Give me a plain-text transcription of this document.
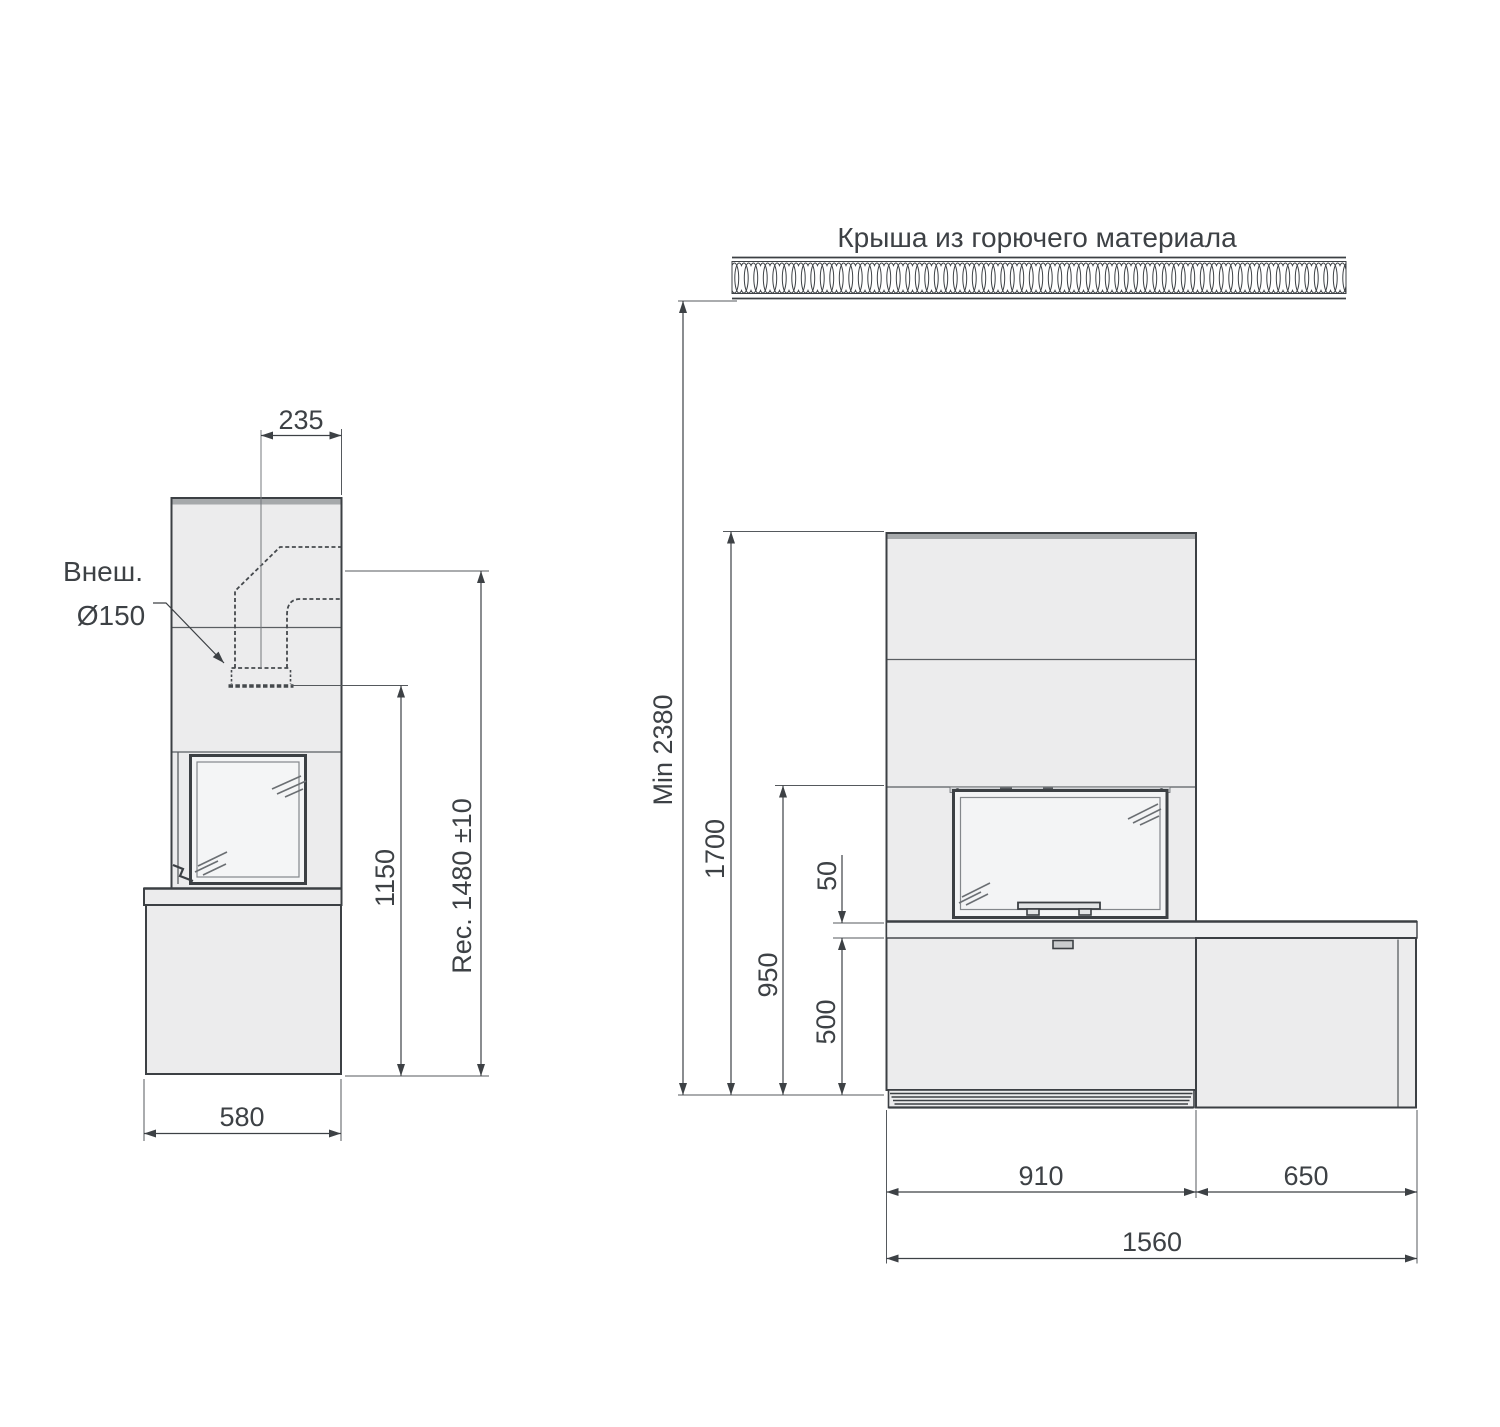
235
Внеш.
Ø150
1150 Rec. 1480 ±10
580
Крыша из горючего материала
Min 2380
1700
950
50
500
910	650
1560
